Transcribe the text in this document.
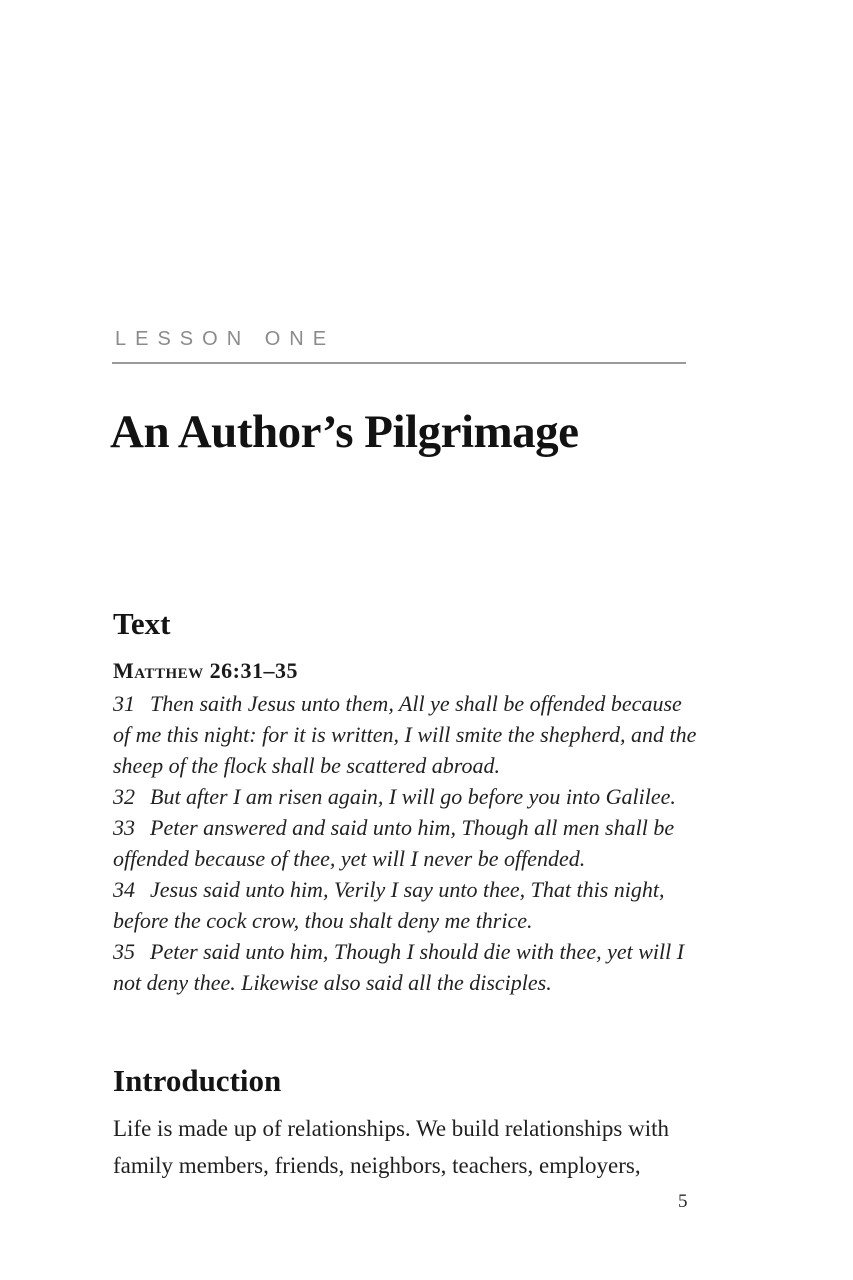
LESSON ONE
An Author’s Pilgrimage
Text
Matthew 26:31–35

31 Then saith Jesus unto them, All ye shall be offended because of me this night: for it is written, I will smite the shepherd, and the sheep of the flock shall be scattered abroad.

32 But after I am risen again, I will go before you into Galilee.

33 Peter answered and said unto him, Though all men shall be offended because of thee, yet will I never be offended.

34 Jesus said unto him, Verily I say unto thee, That this night, before the cock crow, thou shalt deny me thrice.

35 Peter said unto him, Though I should die with thee, yet will I not deny thee. Likewise also said all the disciples.

Introduction

Life is made up of relationships. We build relationships with family members, friends, neighbors, teachers, employers,

5
